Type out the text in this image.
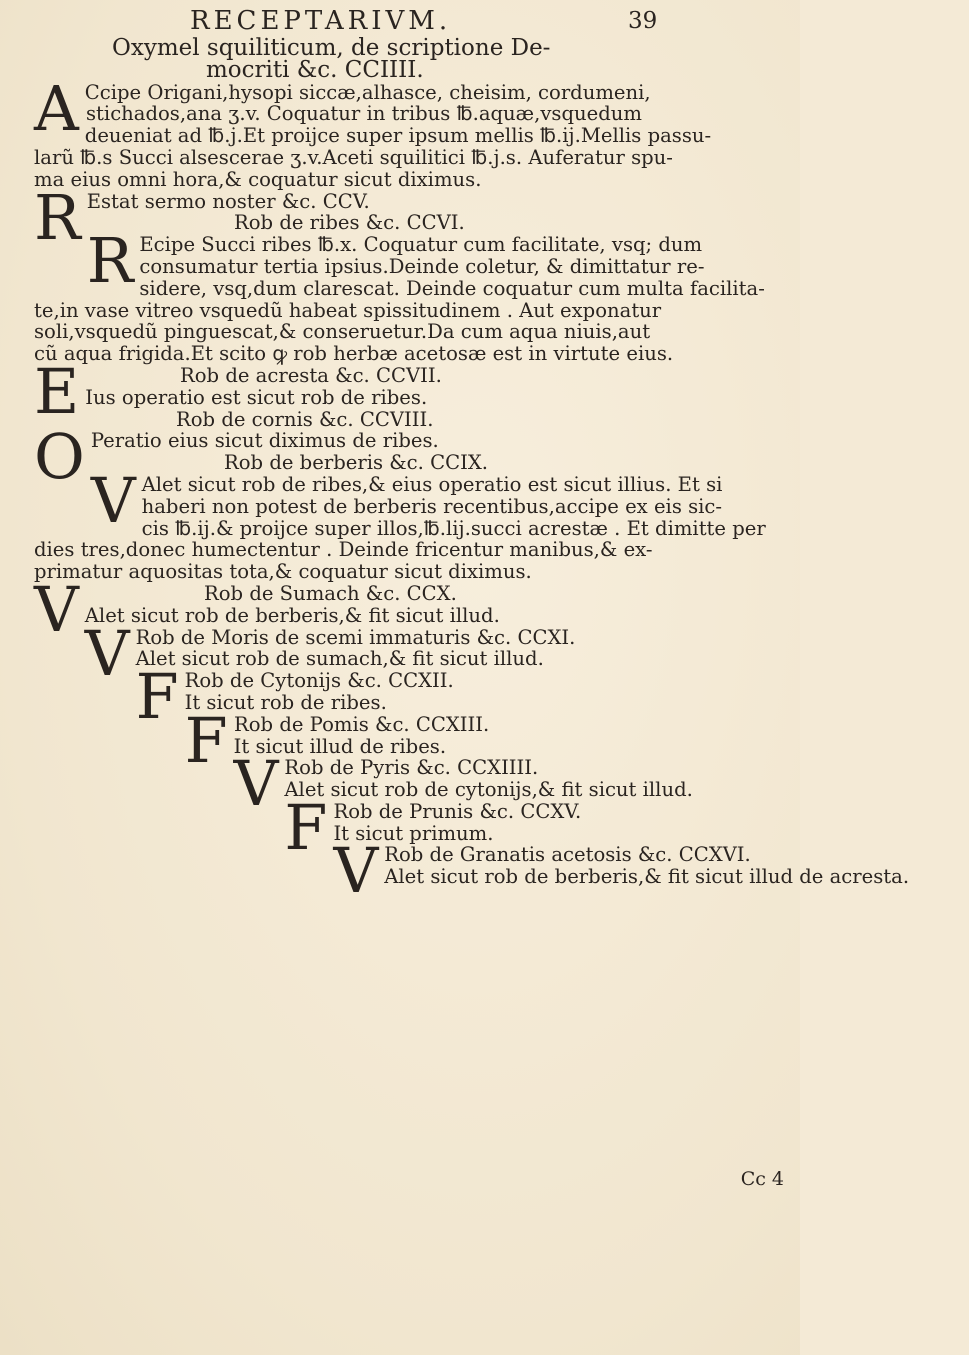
RECEPTARIVM.	39
Oxymel squiliticum, de scriptione De-
mocriti &c. CCIIII.
A Ccipe Origani,hysopi siccæ,alhasce, cheisim, cordumeni,
stichados,ana ʒ.v. Coquatur in tribus ℔.aquæ,vsquedum
deueniat ad ℔.j.Et proijce super ipsum mellis ℔.ij.Mellis passu-
larũ ℔.s Succi alsescerae ʒ.v.Aceti squilitici ℔.j.s. Auferatur spu-
ma eius omni hora,& coquatur sicut diximus.
R Estat sermo noster &c. CCV.
Rob de ribes &c. CCVI.
R Ecipe Succi ribes ℔.x. Coquatur cum facilitate, vsq; dum
consumatur tertia ipsius.Deinde coletur, & dimittatur re-
sidere, vsq,dum clarescat. Deinde coquatur cum multa facilita-
te,in vase vitreo vsquedũ habeat spissitudinem . Aut exponatur
soli,vsquedũ pinguescat,& conseruetur.Da cum aqua niuis,aut
cũ aqua frigida.Et scito ꝙ rob herbæ acetosæ est in virtute eius.
E	Rob de acresta &c. CCVII.
Ius operatio est sicut rob de ribes.
Rob de cornis &c. CCVIII.
O Peratio eius sicut diximus de ribes.
Rob de berberis &c. CCIX.
V Alet sicut rob de ribes,& eius operatio est sicut illius. Et si
haberi non potest de berberis recentibus,accipe ex eis sic-
cis ℔.ij.& proijce super illos,℔.lij.succi acrestæ . Et dimitte per
dies tres,donec humectentur . Deinde fricentur manibus,& ex-
primatur aquositas tota,& coquatur sicut diximus.
V	Rob de Sumach &c. CCX.
Alet sicut rob de berberis,& fit sicut illud.
V Rob de Moris de scemi immaturis &c. CCXI.
Alet sicut rob de sumach,& fit sicut illud.
F Rob de Cytonijs &c. CCXII.
It sicut rob de ribes.
F Rob de Pomis &c. CCXIII.
It sicut illud de ribes.
V Rob de Pyris &c. CCXIIII.
Alet sicut rob de cytonijs,& fit sicut illud.
F Rob de Prunis &c. CCXV.
It sicut primum.
V Rob de Granatis acetosis &c. CCXVI.
Alet sicut rob de berberis,& fit sicut illud de acresta.
Cc 4
